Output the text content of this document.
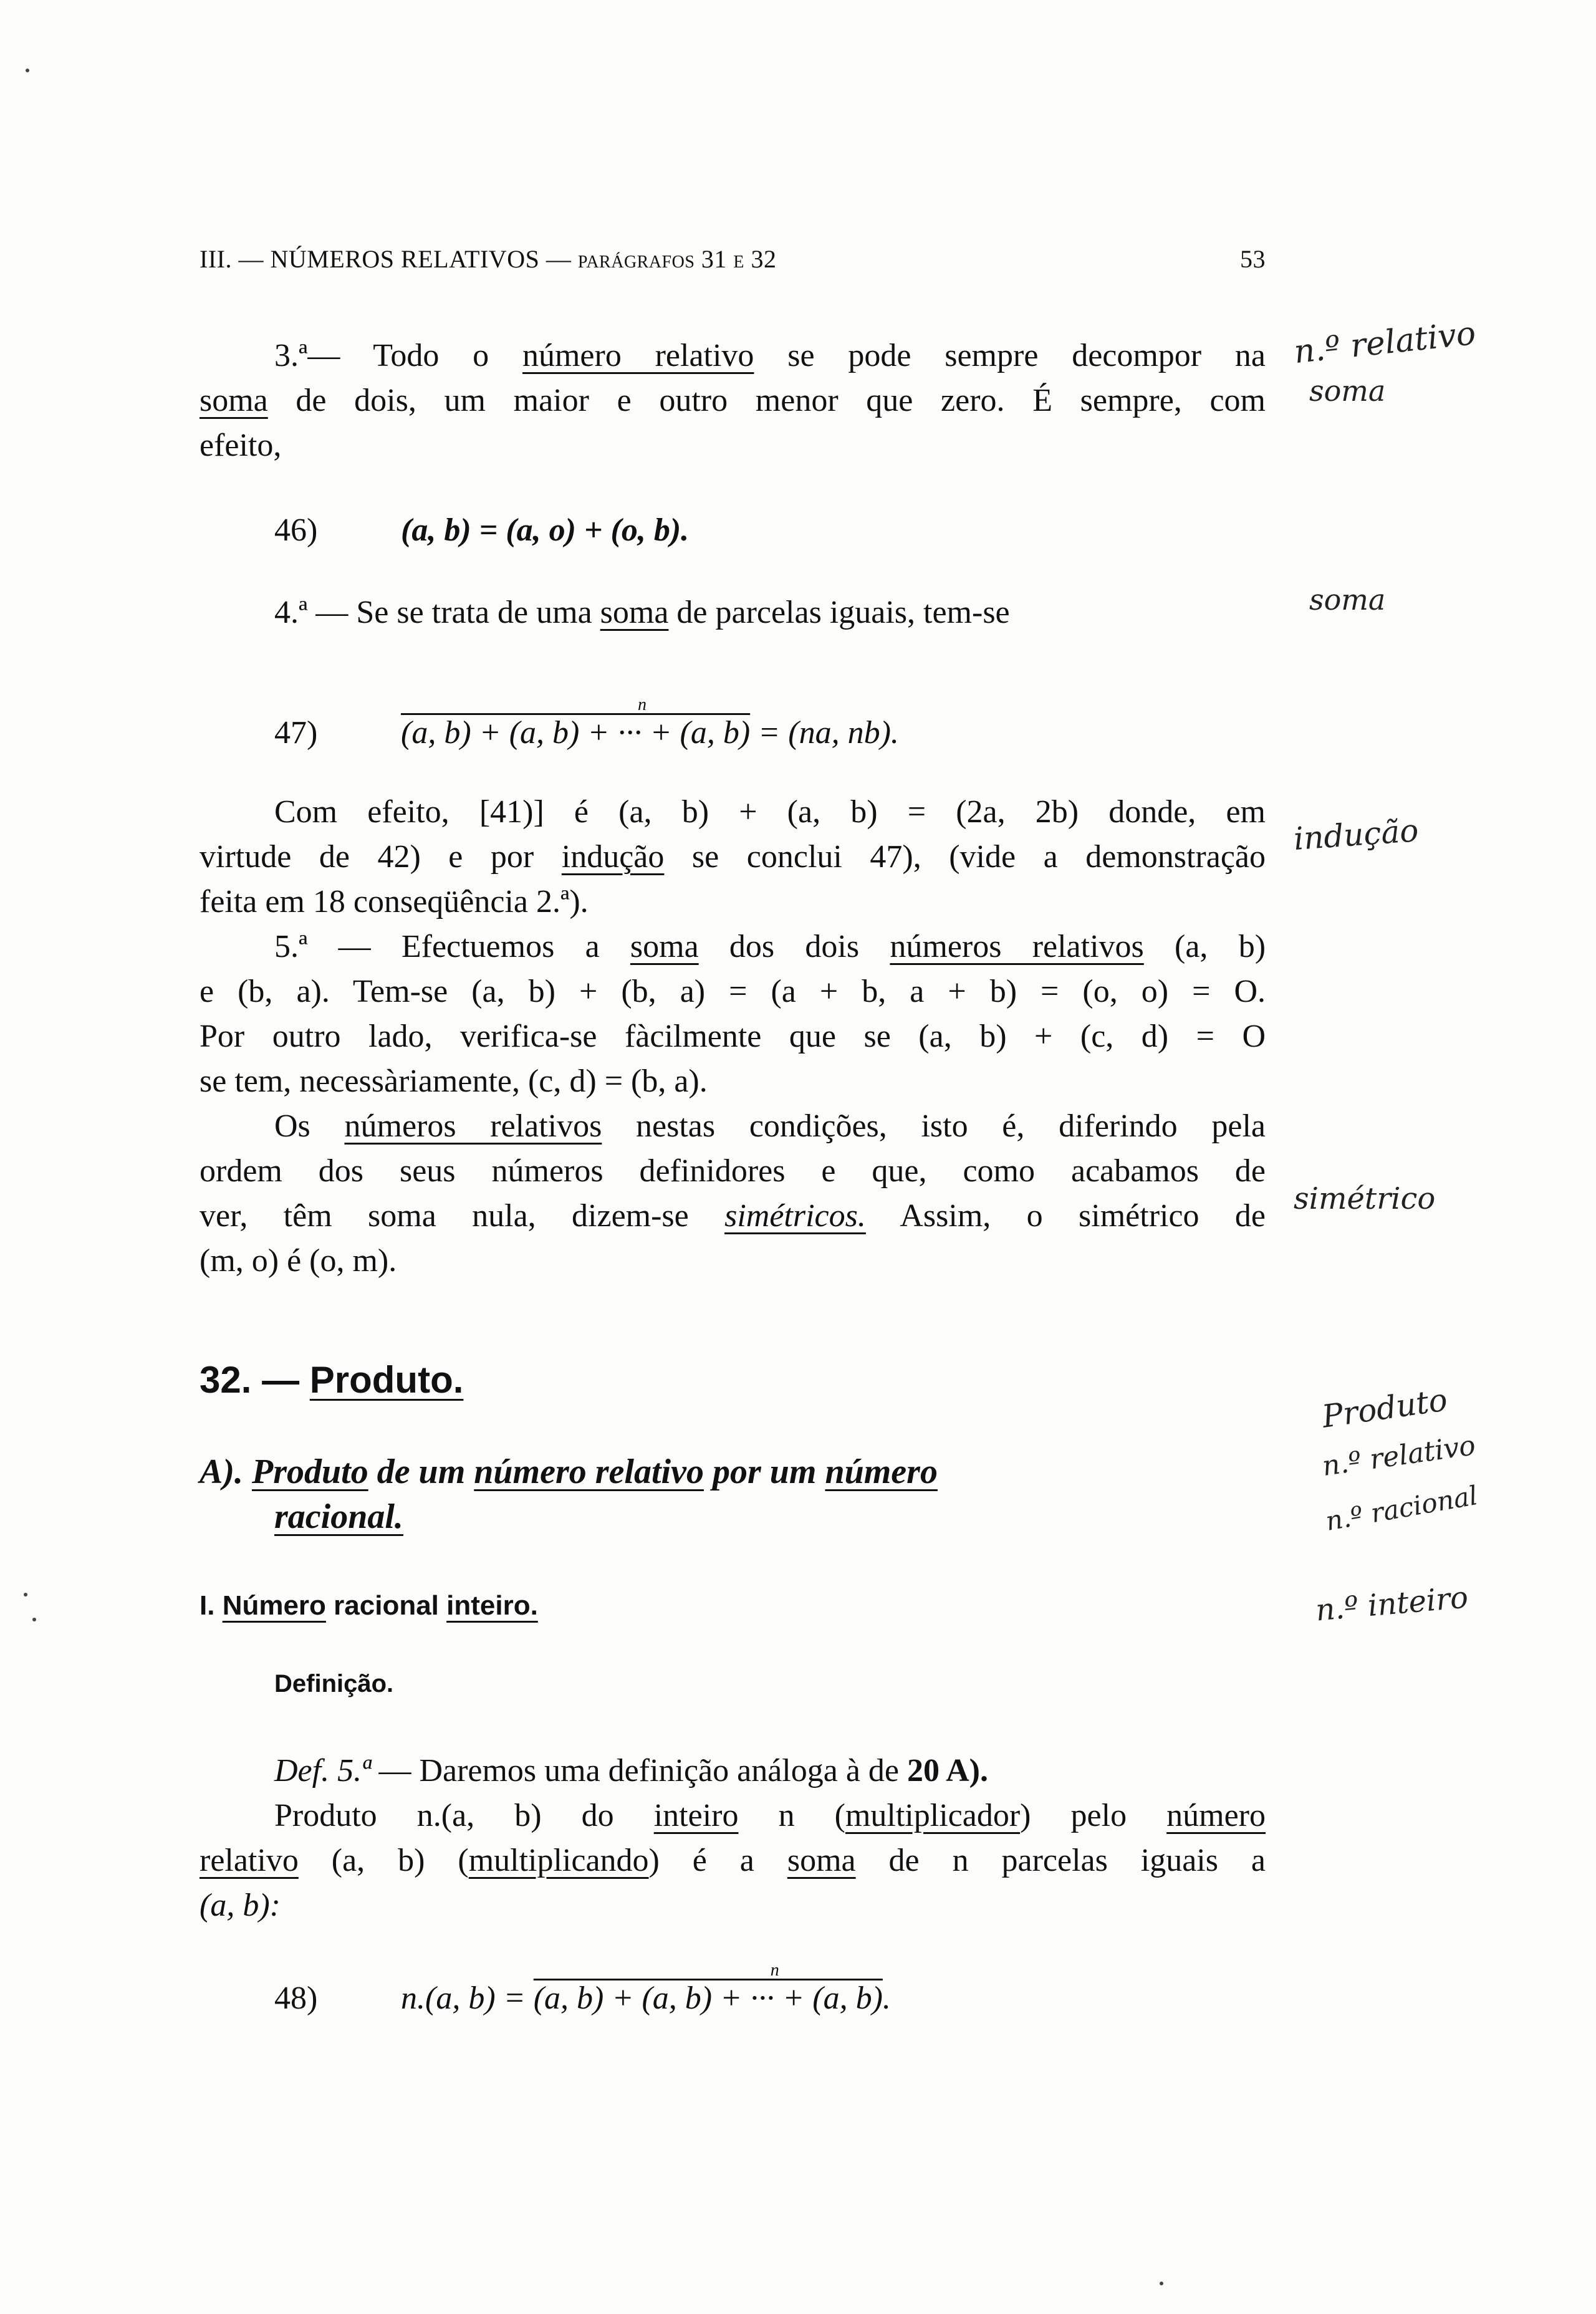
III. — NÚMEROS RELATIVOS — parágrafos 31 e 32	53
3.ª— Todo o número relativo se pode sempre decompor na
soma de dois, um maior e outro menor que zero. É sempre, com
efeito,
46)	(a, b) = (a, o) + (o, b).
4.ª — Se se trata de uma soma de parcelas iguais, tem-se
47)
n
(a, b) + (a, b) + ··· + (a, b) = (na, nb).
Com efeito, [41)] é (a, b) + (a, b) = (2a, 2b) donde, em
virtude de 42) e por indução se conclui 47), (vide a demonstração
feita em 18 conseqüência 2.ª).
5.ª — Efectuemos a soma dos dois números relativos (a, b)
e (b, a). Tem-se (a, b) + (b, a) = (a + b, a + b) = (o, o) = O.
Por outro lado, verifica-se fàcilmente que se (a, b) + (c, d) = O
se tem, necessàriamente, (c, d) = (b, a).
Os números relativos nestas condições, isto é, diferindo pela
ordem dos seus números definidores e que, como acabamos de
ver, têm soma nula, dizem-se simétricos. Assim, o simétrico de
(m, o) é (o, m).
32. — Produto.
A). Produto de um número relativo por um número
racional.
I. Número racional inteiro.
Definição.
Def. 5.ª — Daremos uma definição análoga à de 20 A).
Produto n.(a, b) do inteiro n (multiplicador) pelo número
relativo (a, b) (multiplicando) é a soma de n parcelas iguais a
(a, b):
48)	n.(a, b) =
n
(a, b) + (a, b) + ··· + (a, b).
n.º relativo
soma
soma
indução
simétrico
Produto
n.º relativo
n.º racional
n.º inteiro
